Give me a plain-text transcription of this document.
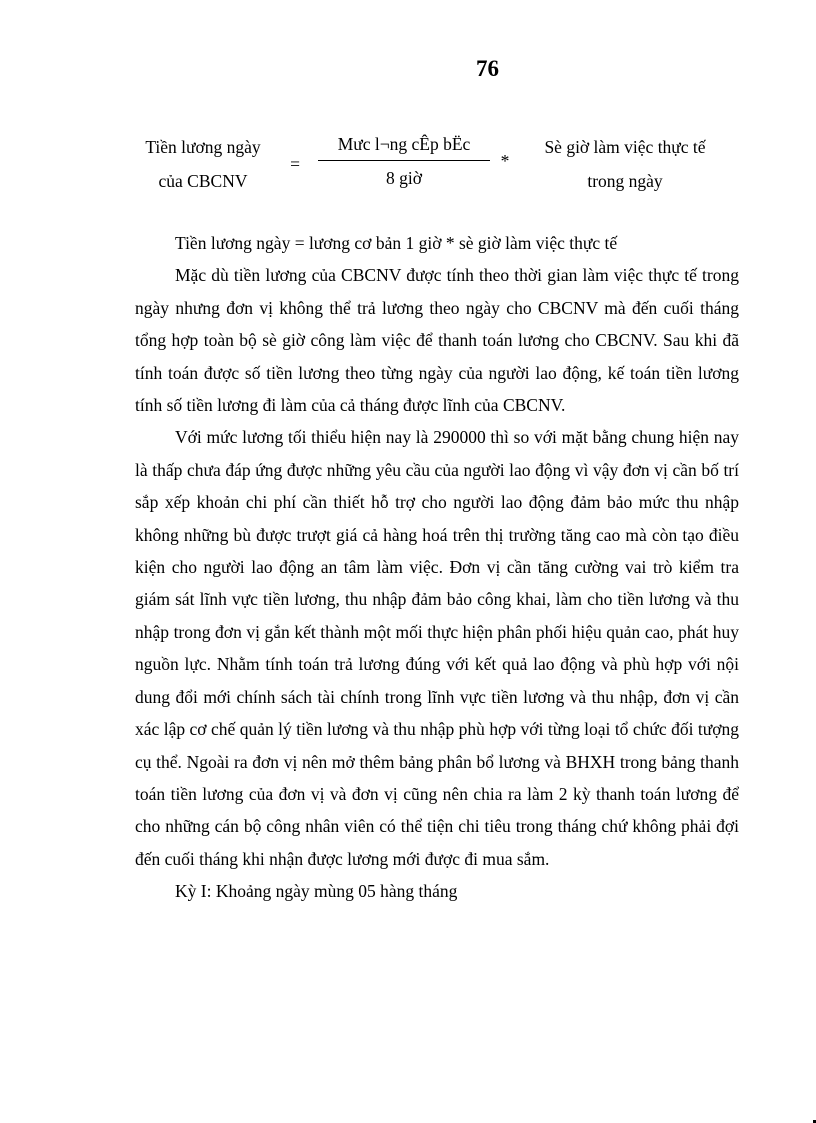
76
Tiền lương ngày
của CBCNV
=
Mưc l¬ng cÊp bËc
8 giờ
*
Sè giờ làm việc thực tế
trong ngày

Tiền lương ngày = lương cơ bản 1 giờ * sè giờ làm việc thực tế

Mặc dù tiền lương của CBCNV được tính theo thời gian làm việc thực tế trong ngày nhưng đơn vị không thể trả lương theo ngày cho CBCNV mà đến cuối tháng tổng hợp toàn bộ sè giờ công làm việc để thanh toán lương cho CBCNV. Sau khi đã tính toán được số tiền lương theo từng ngày của người lao động, kế toán tiền lương tính số tiền lương đi làm của cả tháng được lĩnh của CBCNV.

Với mức lương tối thiểu hiện nay là 290000 thì so với mặt bằng chung hiện nay là thấp chưa đáp ứng được những yêu cầu của người lao động vì vậy đơn vị cần bố trí sắp xếp khoản chi phí cần thiết hỗ trợ cho người lao động đảm bảo mức thu nhập không những bù được trượt giá cả hàng hoá trên thị trường tăng cao mà còn tạo điều kiện cho người lao động an tâm làm việc. Đơn vị cần tăng cường vai trò kiểm tra giám sát lĩnh vực tiền lương, thu nhập đảm bảo công khai, làm cho tiền lương và thu nhập trong đơn vị gắn kết thành một mối thực hiện phân phối hiệu quản cao, phát huy nguồn lực. Nhằm tính toán trả lương đúng với kết quả lao động và phù hợp với nội dung đổi mới chính sách tài chính trong lĩnh vực tiền lương và thu nhập, đơn vị cần xác lập cơ chế quản lý tiền lương và thu nhập phù hợp với từng loại tổ chức đối tượng cụ thể. Ngoài ra đơn vị nên mở thêm bảng phân bổ lương và BHXH trong bảng thanh toán tiền lương của đơn vị và đơn vị cũng nên chia ra làm 2 kỳ thanh toán lương để cho những cán bộ công nhân viên có thể tiện chi tiêu trong tháng chứ không phải đợi đến cuối tháng khi nhận được lương mới được đi mua sắm.

Kỳ I: Khoảng ngày mùng 05 hàng tháng
